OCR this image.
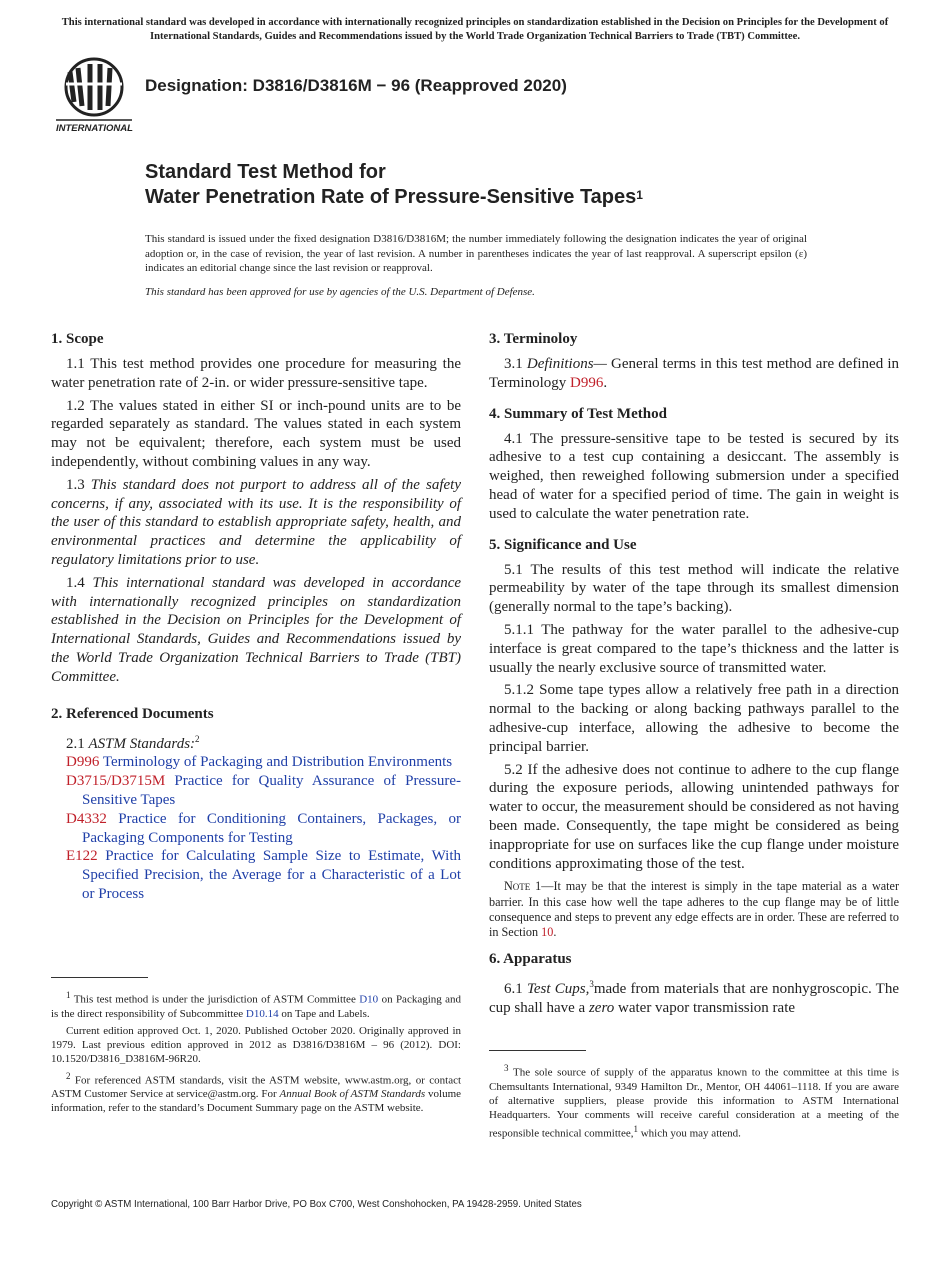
This international standard was developed in accordance with internationally recognized principles on standardization established in the Decision on Principles for the Development of International Standards, Guides and Recommendations issued by the World Trade Organization Technical Barriers to Trade (TBT) Committee.
INTERNATIONAL
Designation: D3816/D3816M − 96 (Reapproved 2020)
Standard Test Method for
Water Penetration Rate of Pressure-Sensitive Tapes$^1$
This standard is issued under the fixed designation D3816/D3816M; the number immediately following the designation indicates the year of original adoption or, in the case of revision, the year of last revision. A number in parentheses indicates the year of last reapproval. A superscript epsilon (ε) indicates an editorial change since the last revision or reapproval.
This standard has been approved for use by agencies of the U.S. Department of Defense.
1. Scope

1.1 This test method provides one procedure for measuring the water penetration rate of 2-in. or wider pressure-sensitive tape.

1.2 The values stated in either SI or inch-pound units are to be regarded separately as standard. The values stated in each system may not be equivalent; therefore, each system must be used independently, without combining values in any way.

1.3 This standard does not purport to address all of the safety concerns, if any, associated with its use. It is the responsibility of the user of this standard to establish appropriate safety, health, and environmental practices and determine the applicability of regulatory limitations prior to use.

1.4 This international standard was developed in accordance with internationally recognized principles on standardization established in the Decision on Principles for the Development of International Standards, Guides and Recommendations issued by the World Trade Organization Technical Barriers to Trade (TBT) Committee.

2. Referenced Documents

2.1 ASTM Standards:$^2$

D996 Terminology of Packaging and Distribution Environments

D3715/D3715M Practice for Quality Assurance of Pressure-Sensitive Tapes

D4332 Practice for Conditioning Containers, Packages, or Packaging Components for Testing

E122 Practice for Calculating Sample Size to Estimate, With Specified Precision, the Average for a Characteristic of a Lot or Process

$^1$ This test method is under the jurisdiction of ASTM Committee D10 on Packaging and is the direct responsibility of Subcommittee D10.14 on Tape and Labels.

Current edition approved Oct. 1, 2020. Published October 2020. Originally approved in 1979. Last previous edition approved in 2012 as D3816/D3816M – 96 (2012). DOI: 10.1520/D3816_D3816M-96R20.

$^2$ For referenced ASTM standards, visit the ASTM website, www.astm.org, or contact ASTM Customer Service at service@astm.org. For Annual Book of ASTM Standards volume information, refer to the standard’s Document Summary page on the ASTM website.

3. Terminoloy

3.1 Definitions— General terms in this test method are defined in Terminology D996.

4. Summary of Test Method

4.1 The pressure-sensitive tape to be tested is secured by its adhesive to a test cup containing a desiccant. The assembly is weighed, then reweighed following submersion under a specified head of water for a specified period of time. The gain in weight is used to calculate the water penetration rate.

5. Significance and Use

5.1 The results of this test method will indicate the relative permeability by water of the tape through its smallest dimension (generally normal to the tape’s backing).

5.1.1 The pathway for the water parallel to the adhesive-cup interface is great compared to the tape’s thickness and the latter is usually the nearly exclusive source of transmitted water.

5.1.2 Some tape types allow a relatively free path in a direction normal to the backing or along backing pathways parallel to the adhesive-cup interface, allowing the adhesive to become the principal barrier.

5.2 If the adhesive does not continue to adhere to the cup flange during the exposure periods, allowing unintended pathways for water to occur, the measurement should be considered as not having been made. Consequently, the tape might be considered as being inappropriate for use on surfaces like the cup flange under moisture conditions approximating those of the test.

Note 1—It may be that the interest is simply in the tape material as a water barrier. In this case how well the tape adheres to the cup flange may be of little consequence and steps to prevent any edge effects are in order. These are referred to in Section 10.

6. Apparatus

6.1 Test Cups,$^3$made from materials that are nonhygroscopic. The cup shall have a zero water vapor transmission rate

$^3$ The sole source of supply of the apparatus known to the committee at this time is Chemsultants International, 9349 Hamilton Dr., Mentor, OH 44061–1118. If you are aware of alternative suppliers, please provide this information to ASTM International Headquarters. Your comments will receive careful consideration at a meeting of the responsible technical committee,$^1$ which you may attend.

Copyright © ASTM International, 100 Barr Harbor Drive, PO Box C700, West Conshohocken, PA 19428-2959. United States
